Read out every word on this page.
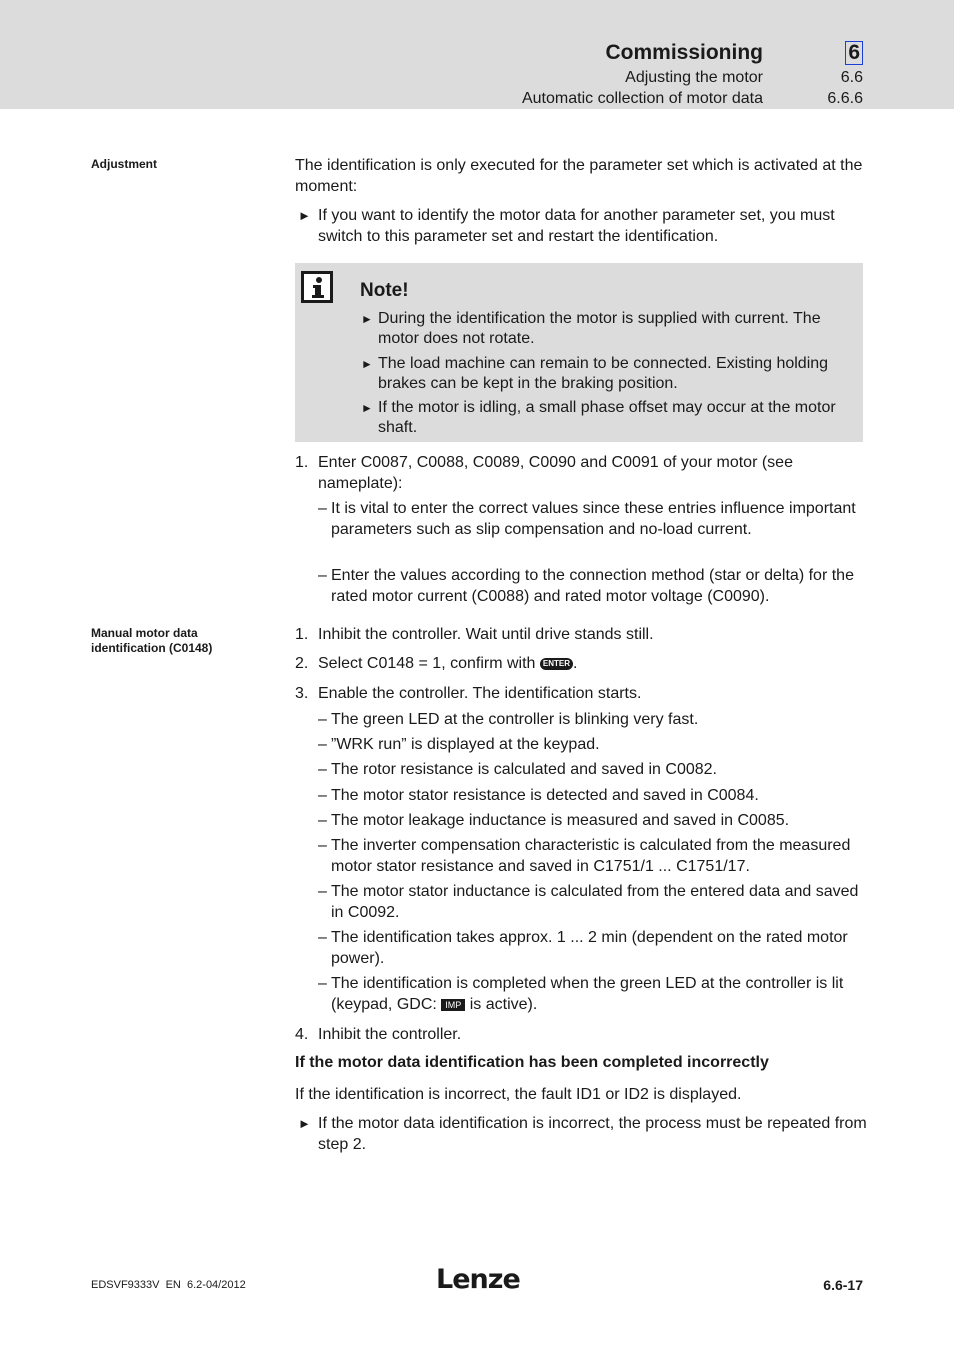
Commissioning	6
Adjusting the motor	6.6
Automatic collection of motor data	6.6.6
Adjustment
Manual motor data
identification (C0148)

The identification is only executed for the parameter set which is activated at the moment:

► If you want to identify the motor data for another parameter set, you must switch to this parameter set and restart the identification.
Note!
► During the identification the motor is supplied with current. The motor does not rotate.
► The load machine can remain to be connected. Existing holding brakes can be kept in the braking position.
► If the motor is idling, a small phase offset may occur at the motor shaft.
1. Enter C0087, C0088, C0089, C0090 and C0091 of your motor (see nameplate):
– It is vital to enter the correct values since these entries influence important parameters such as slip compensation and no-load current.
– Enter the values according to the connection method (star or delta) for the rated motor current (C0088) and rated motor voltage (C0090).
1. Inhibit the controller. Wait until drive stands still.
2. Select C0148 = 1, confirm with ENTER .
3. Enable the controller. The identification starts.
– The green LED at the controller is blinking very fast.
– ”WRK run” is displayed at the keypad.
– The rotor resistance is calculated and saved in C0082.
– The motor stator resistance is detected and saved in C0084.
– The motor leakage inductance is measured and saved in C0085.
– The inverter compensation characteristic is calculated from the measured motor stator resistance and saved in C1751/1 ... C1751/17.
– The motor stator inductance is calculated from the entered data and saved in C0092.
– The identification takes approx. 1 ... 2 min (dependent on the rated motor power).
– The identification is completed when the green LED at the controller is lit (keypad, GDC: IMP is active).
4. Inhibit the controller.
If the motor data identification has been completed incorrectly

If the identification is incorrect, the fault ID1 or ID2 is displayed.

► If the motor data identification is incorrect, the process must be repeated from step 2.
EDSVF9333V  EN  6.2-04/2012	Lenze	6.6-17
